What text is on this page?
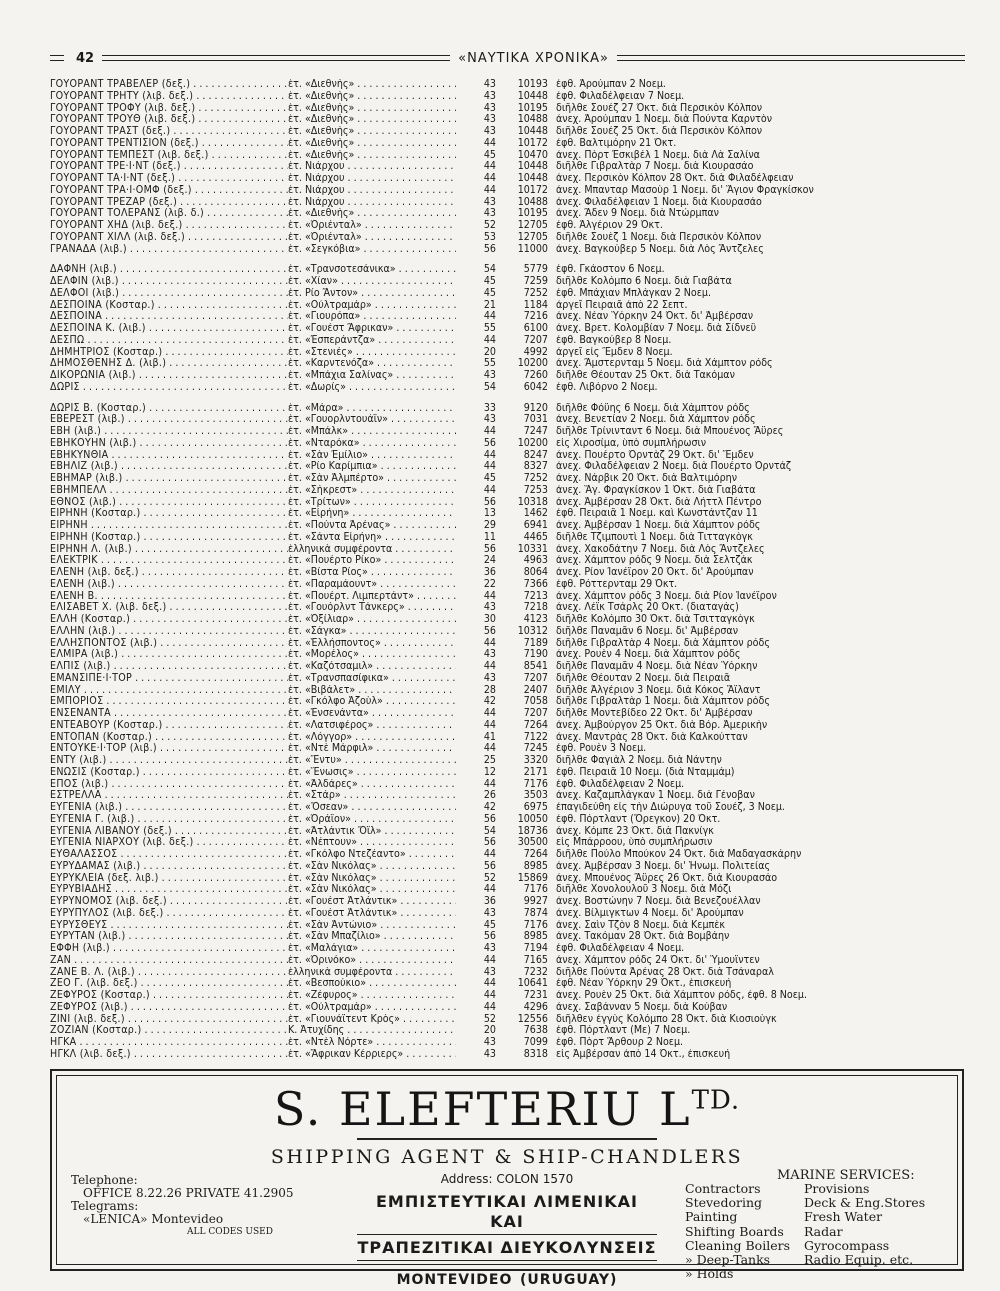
42	«ΝΑΥΤΙΚΑ ΧΡΟΝΙΚΑ»
ΓΟΥΟΡΑΝΤ ΤΡΑΒΕΛΕΡ (δεξ.) . . .	ἑτ. «Διεθνὴς» . . .	43	10193 ἐφθ. Ἀρούμπαν 2 Νοεμ.
ΓΟΥΟΡΑΝΤ ΤΡΗΤΥ (λιβ. δεξ.) . . .	ἑτ. «Διεθνὴς» . . .	43	10448 ἐφθ. Φιλαδέλφειαν 7 Νοεμ.
ΓΟΥΟΡΑΝΤ ΤΡΟΦΥ (λιβ. δεξ.) . . .	ἑτ. «Διεθνὴς» . . .	43	10195 διῆλθε Σουέζ 27 Ὀκτ. διὰ Περσικὸν Κόλπον
ΓΟΥΟΡΑΝΤ ΤΡΟΥΘ (λιβ. δεξ.) . . .	ἑτ. «Διεθνὴς» . . .	43	10488 ἀνεχ. Ἀρούμπαν 1 Νοεμ. διὰ Πούντα Καρντὸν
ΓΟΥΟΡΑΝΤ ΤΡΑΣΤ (δεξ.) . . .	ἑτ. «Διεθνὴς» . . .	43	10448 διῆλθε Σουέζ 25 Ὀκτ. διὰ Περσικὸν Κόλπον
ΓΟΥΟΡΑΝΤ ΤΡΕΝΤΙΣΙΟΝ (δεξ.) . . .	ἑτ. «Διεθνὴς» . . .	44	10172 ἐφθ. Βαλτιμόρην 21 Ὀκτ.
ΓΟΥΟΡΑΝΤ ΤΕΜΠΕΣΤ (λιβ. δεξ.) . . .	ἑτ. «Διεθνὴς» . . .	45	10470 ἀνεχ. Πὸρτ Ἐσκιβέλ 1 Νοεμ. διὰ Λὰ Σαλίνα
ΓΟΥΟΡΑΝΤ ΤΡΕ·Ι·ΝΤ (δεξ.) . . .	ἑτ. Νιάρχου . . .	44	10448 διῆλθε Γιβραλτὰρ 7 Νοεμ. διὰ Κιουρασάο
ΓΟΥΟΡΑΝΤ ΤΑ·Ι·ΝΤ (δεξ.) . . .	ἑτ. Νιάρχου . . .	44	10448 ἀνεχ. Περσικὸν Κόλπον 28 Ὀκτ. διὰ Φιλαδέλφειαν
ΓΟΥΟΡΑΝΤ ΤΡΑ·Ι·ΟΜΦ (δεξ.) . . .	ἑτ. Νιάρχου . . .	44	10172 ἀνεχ. Μπανταρ Μασοὺρ 1 Νοεμ. δι' Ἅγιον Φραγκίσκον
ΓΟΥΟΡΑΝΤ ΤΡΕΖΑΡ (δεξ.) . . .	ἑτ. Νιάρχου . . .	43	10488 ἀνεχ. Φιλαδέλφειαν 1 Νοεμ. διὰ Κιουρασάο
ΓΟΥΟΡΑΝΤ ΤΟΛΕΡΑΝΣ (λιβ. δ.) . . .	ἑτ. «Διεθνὴς» . . .	43	10195 ἀνεχ. Ἄδεν 9 Νοεμ. διὰ Ντώρμπαν
ΓΟΥΟΡΑΝΤ ΧΗΔ (λιβ. δεξ.) . . .	ἑτ. «Ὀριένταλ» . . .	52	12705 ἐφθ. Ἀλγέριον 29 Ὀκτ.
ΓΟΥΟΡΑΝΤ ΧΙΛΛ (λιβ. δεξ.) . . .	ἑτ. «Ὀριένταλ» . . .	53	12705 διῆλθε Σουὲζ 1 Νοεμ. διὰ Περσικὸν Κόλπον
ΓΡΑΝΑΔΑ (λιβ.) . . .	ἑτ. «Σεγκόβια» . . .	56	11000 ἀνεχ. Βαγκούβερ 5 Νοεμ. διὰ Λὸς Ἄντζελες
ΔΑΦΝΗ (λιβ.) . . .	ἑτ. «Τρανσοτεσάνικα» . . .	54	5779 ἐφθ. Γκάοστον 6 Νοεμ.
ΔΕΛΦΙΝ (λιβ.) . . .	ἑτ. «Χίαν» . . .	45	7259 διῆλθε Κολόμπο 6 Νοεμ. διὰ Γιαβάτα
ΔΕΛΦΟΙ (λιβ.) . . .	ἑτ. Ρίο Ἄντον» . . .	45	7252 ἐφθ. Μπάχιαν Μπλάγκαν 2 Νοεμ.
ΔΕΣΠΟΙΝΑ (Κοσταρ.) . . .	ἑτ. «Οὐλτραμάρ» . . .	21	1184 ἀργεῖ Πειραιᾶ ἀπὸ 22 Σεπτ.
ΔΕΣΠΟΙΝΑ . . .	ἑτ. «Γιουρόπα» . . .	44	7216 ἀνεχ. Νέαν Ὑόρκην 24 Ὀκτ. δι' Ἀμβέρσαν
ΔΕΣΠΟΙΝΑ Κ. (λιβ.) . . .	ἑτ. «Γουέστ Ἄφρικαν» . . .	55	6100 ἀνεχ. Βρετ. Κολομβίαν 7 Νοεμ. διὰ Σίδνεϋ
ΔΕΣΠΩ . . .	ἑτ. «Ἐσπεράντζα» . . .	44	7207 ἐφθ. Βαγκούβερ 8 Νοεμ.
ΔΗΜΗΤΡΙΟΣ (Κοσταρ.) . . .	ἑτ. «Στενιές» . . .	20	4992 ἀργεῖ εἰς Ἔμδεν 8 Νοεμ.
ΔΗΜΟΣΘΕΝΗΣ Δ. (λιβ.) . . .	ἑτ. «Καρντενόζα» . . .	55	10200 ἀνεχ. Ἄμστερνταμ 5 Νοεμ. διὰ Χάμπτον ρόδς
ΔΙΚΟΡΩΝΙΑ (λιβ.) . . .	ἑτ. «Μπάχια Σαλίνας» . . .	43	7260 διῆλθε Θέουταν 25 Ὀκτ. διὰ Τακόμαν
ΔΩΡΙΣ . . .	ἑτ. «Δωρίς» . . .	54	6042 ἐφθ. Λιβόρνο 2 Νοεμ.
ΔΩΡΙΣ Β. (Κοσταρ.) . . .	ἑτ. «Μάρα» . . .	33	9120 διῆλθε Φόϋης 6 Νοεμ. διὰ Χάμπτον ρόδς
ΕΒΕΡΕΣΤ (λιβ.) . . .	ἑτ. «Γουορλντουάϊν» . . .	43	7031 ἀνεχ. Βενετίαν 2 Νοεμ. διὰ Χάμπτον ρόδς
ΕΒΗ (λιβ.) . . .	ἑτ. «Μπάλκ» . . .	44	7247 διῆλθε Τρίνινταντ 6 Νοεμ. διὰ Μπουένος Ἄϋρες
ΕΒΗΚΟΥΗΝ (λιβ.) . . .	ἑτ. «Νταρόκα» . . .	56	10200 εἰς Χιροσίμα, ὑπὸ συμπλήρωσιν
ΕΒΗΚΥΝΘΙΑ . . .	ἑτ. «Σὰν Ἐμίλιο» . . .	44	8247 ἀνεχ. Πουέρτο Ὀρντὰζ 29 Ὀκτ. δι' Ἔμδεν
ΕΒΗΛΙΖ (λιβ.) . . .	ἑτ. «Ρίο Καρίμπια» . . .	44	8327 ἀνεχ. Φιλαδέλφειαν 2 Νοεμ. διὰ Πουέρτο Ὀρντάζ
ΕΒΗΜΑΡ (λιβ.) . . .	ἑτ. «Σὰν Ἀλμπέρτο» . . .	45	7252 ἀνεχ. Νάρβικ 20 Ὀκτ. διὰ Βαλτιμόρην
ΕΒΗΜΠΕΛΛ . . .	ἑτ. «Σὴκρεστ» . . .	44	7253 ἀνεχ. Ἅγ. Φραγκίσκον 1 Ὀκτ. διὰ Γιαβάτα
ΕΘΝΟΣ (λιβ.) . . .	ἑτ. «Τρίτων» . . .	56	10318 ἀνεχ. Ἀμβέρσαν 28 Ὀκτ. διὰ Λήττλ Πέντρο
ΕΙΡΗΝΗ (Κοσταρ.) . . .	ἑτ. «Εἰρήνη» . . .	13	1462 ἐφθ. Πειραιᾶ 1 Νοεμ. καὶ Κωνστάντζαν 11
ΕΙΡΗΝΗ . . .	ἑτ. «Πούντα Ἀρένας» . . .	29	6941 ἀνεχ. Ἀμβέρσαν 1 Νοεμ. διὰ Χάμπτον ρόδς
ΕΙΡΗΝΗ (Κοσταρ.) . . .	ἑτ. «Σάντα Εἰρήνη» . . .	11	4465 διῆλθε Τζιμπουτὶ 1 Νοεμ. διὰ Τιτταγκὸγκ
ΕΙΡΗΝΗ Λ. (λιβ.) . . .	ἑλληνικὰ συμφέροντα . . .	56	10331 ἀνεχ. Χακοδάτην 7 Νοεμ. διὰ Λὸς Ἄντζελες
ΕΛΕΚΤΡΙΚ . . .	ἑτ. «Πουέρτο Ρίκο» . . .	24	4963 ἀνεχ. Χάμπτον ρόδς 9 Νοεμ. διὰ Σελτζάκ
ΕΛΕΝΗ (λιβ. δεξ.) . . .	ἑτ. «Βίστα Ρίος» . . .	36	8064 ἀνεχ. Ρίον Ἰανέϊρον 20 Ὀκτ. δι' Ἀρούμπαν
ΕΛΕΝΗ (λιβ.) . . .	ἑτ. «Παραμάουντ» . . .	22	7366 ἐφθ. Ρόττερνταμ 29 Ὀκτ.
ΕΛΕΝΗ Β. . . .	ἑτ. «Πουέρτ. Λιμπερτάντ» . . .	44	7213 ἀνεχ. Χάμπτον ρόδς 3 Νοεμ. διὰ Ρίον Ἰανέϊρον
ΕΛΙΣΑΒΕΤ Χ. (λιβ. δεξ.) . . .	ἑτ. «Γουόρλντ Τάνκερς» . . .	43	7218 ἀνεχ. Λέϊκ Τσάρλς 20 Ὀκτ. (διαταγάς)
ΕΛΛΗ (Κοσταρ.) . . .	ἑτ. «Ὀξίλιαρ» . . .	30	4123 διῆλθε Κολόμπο 30 Ὀκτ. διὰ Τσιτταγκὸγκ
ΕΛΛΗΝ (λιβ.) . . .	ἑτ. «Σάγκα» . . .	56	10312 διῆλθε Παναμᾶν 6 Νοεμ. δι' Ἀμβέρσαν
ΕΛΛΗΣΠΟΝΤΟΣ (λιβ.) . . .	ἑτ. «Ἑλλήσποντος» . . .	44	7189 διῆλθε Γιβραλτὰρ 4 Νοεμ. διὰ Χάμπτον ρόδς
ΕΛΜΙΡΑ (λιβ.) . . .	ἑτ. «Μορέλος» . . .	43	7190 ἀνεχ. Ρουὲν 4 Νοεμ. διὰ Χάμπτον ρόδς
ΕΛΠΙΣ (λιβ.) . . .	ἑτ. «Καζότσαμιλ» . . .	44	8541 διῆλθε Παναμᾶν 4 Νοεμ. διὰ Νέαν Ὑόρκην
ΕΜΑΝΣΙΠΕ·Ι·ΤΟΡ . . .	ἑτ. «Τρανσπασίφικα» . . .	43	7207 διῆλθε Θέουταν 2 Νοεμ. διὰ Πειραιᾶ
ΕΜΙΛΥ . . .	ἑτ. «Βιβάλετ» . . .	28	2407 διῆλθε Ἀλγέριον 3 Νοεμ. διὰ Κόκος Ἄϊλαντ
ΕΜΠΟΡΙΟΣ . . .	ἑτ. «Γκόλφο Ἀζοὺλ» . . .	42	7058 διῆλθε Γιβραλτὰρ 1 Νοεμ. διὰ Χάμπτον ρόδς
ΕΝΣΕΝΑΝΤΑ . . .	ἑτ. «Ἐνσενάντα» . . .	44	7207 διῆλθε Μοντεβίδεο 22 Ὀκτ. δι' Ἀμβέρσαν
ΕΝΤΕΑΒΟΥΡ (Κοσταρ.) . . .	ἑτ. «Λατσιφέρος» . . .	44	7264 ἀνεχ. Ἀμβούργον 25 Ὀκτ. διὰ Βόρ. Ἀμερικὴν
ΕΝΤΟΠΑΝ (Κοσταρ.) . . .	ἑτ. «Λόγγορ» . . .	41	7122 ἀνεχ. Μαντρὰς 28 Ὀκτ. διὰ Καλκούτταν
ΕΝΤΟΥΚΕ·Ι·ΤΟΡ (λιβ.) . . .	ἑτ. «Ντὲ Μάρφιλ» . . .	44	7245 ἐφθ. Ρουὲν 3 Νοεμ.
ΕΝΤΥ (λιβ.) . . .	ἑτ. «Ἔντυ» . . .	25	3320 διῆλθε Φαγιὰλ 2 Νοεμ. διὰ Νάντην
ΕΝΩΣΙΣ (Κοσταρ.) . . .	ἑτ. «Ἕνωσις» . . .	12	2171 ἐφθ. Πειραιᾶ 10 Νοεμ. (διὰ Νταμμάμ)
ΕΠΟΣ (λιβ.) . . .	ἑτ. «Ἀλδάρες» . . .	44	7176 ἐφθ. Φιλαδέλφειαν 2 Νοεμ.
ΕΣΤΡΕΛΛΑ . . .	ἑτ. «Στάρ» . . .	26	3503 ἀνεχ. Καζαμπλάγκαν 1 Νοεμ. διὰ Γένοβαν
ΕΥΓΕΝΙΑ (λιβ.) . . .	ἑτ. «Ὄσεαν» . . .	42	6975 ἐπαγιδεύθη εἰς τὴν Διώρυγα τοῦ Σουέζ, 3 Νοεμ.
ΕΥΓΕΝΙΑ Γ. (λιβ.) . . .	ἑτ. «Ὀράϊον» . . .	56	10050 ἐφθ. Πόρτλαντ (Ὄρεγκον) 20 Ὀκτ.
ΕΥΓΕΝΙΑ ΛΙΒΑΝΟΥ (δεξ.) . . .	ἑτ. «Ἀτλάντικ Ὄϊλ» . . .	54	18736 ἀνεχ. Κόμπε 23 Ὀκτ. διὰ Πακνίγκ
ΕΥΓΕΝΙΑ ΝΙΑΡΧΟΥ (λιβ. δεξ.) . . .	ἑτ. «Νέπτουν» . . .	56	30500 εἰς Μπάρροου, ὑπὸ συμπλήρωσιν
ΕΥΘΑΛΑΣΣΟΣ . . .	ἑτ. «Γκόλφο Ντεζέαντο» . . .	44	7264 διῆλθε Πούλο Μπούκον 24 Ὀκτ. διὰ Μαδαγασκάρην
ΕΥΡΥΔΑΜΑΣ (λιβ.) . . .	ἑτ. «Σὰν Νικόλας» . . .	56	8985 ἀνεχ. Ἀμβέρσαν 3 Νοεμ. δι' Ἡνωμ. Πολιτείας
ΕΥΡΥΚΛΕΙΑ (δεξ. λιβ.) . . .	ἑτ. «Σὰν Νικόλας» . . .	52	15869 ἀνεχ. Μπουένος Ἄϋρες 26 Ὀκτ. διὰ Κιουρασάο
ΕΥΡΥΒΙΑΔΗΣ . . .	ἑτ. «Σὰν Νικόλας» . . .	44	7176 διῆλθε Χονολουλοῦ 3 Νοεμ. διὰ Μόζι
ΕΥΡΥΝΟΜΟΣ (λιβ. δεξ.) . . .	ἑτ. «Γουέστ Ἀτλάντικ» . . .	36	9927 ἀνεχ. Βοστώνην 7 Νοεμ. διὰ Βενεζουέλλαν
ΕΥΡΥΠΥΛΟΣ (λιβ. δεξ.) . . .	ἑτ. «Γουέστ Ἀτλάντικ» . . .	43	7874 ἀνεχ. Βίλμιγκτων 4 Νοεμ. δι' Ἀρούμπαν
ΕΥΡΥΣΘΕΥΣ . . .	ἑτ. «Σὰν Ἀντώνιο» . . .	45	7176 ἀνεχ. Σαὶν Τζὸν 8 Νοεμ. διὰ Κεμπὲκ
ΕΥΡΥΤΑΝ (λιβ.) . . .	ἑτ. «Σὰν Μπαζίλιο» . . .	56	8985 ἀνεχ. Τακόμαν 28 Ὀκτ. διὰ Βομβάην
ΕΦΦΗ (λιβ.) . . .	ἑτ. «Μαλάγια» . . .	43	7194 ἐφθ. Φιλαδέλφειαν 4 Νοεμ.
ΖΑΝ . . .	ἑτ. «Ὀρινόκο» . . .	44	7165 ἀνεχ. Χάμπτον ρόδς 24 Ὀκτ. δι' Ὑμουῒντεν
ΖΑΝΕ Β. Λ. (λιβ.) . . .	ἑλληνικὰ συμφέροντα . . .	43	7232 διῆλθε Πούντα Ἀρένας 28 Ὀκτ. διὰ Τσάναραλ
ΖΕΟ Γ. (λιβ. δεξ.) . . .	ἑτ. «Βεσπούκιο» . . .	44	10641 ἐφθ. Νέαν Ὑόρκην 29 Ὀκτ., ἐπισκευή
ΖΕΦΥΡΟΣ (Κοσταρ.) . . .	ἑτ. «Ζέφυρος» . . .	44	7231 ἀνεχ. Ρουὲν 25 Ὀκτ. διὰ Χάμπτον ρόδς, ἐφθ. 8 Νοεμ.
ΖΕΦΥΡΟΣ (λιβ.) . . .	ἑτ. «Οὐλτραμάρ» . . .	44	4296 ἀνεχ. Σαβάνναν 5 Νοεμ. διὰ Κούβαν
ΖΙΝΙ (λιβ. δεξ.) . . .	ἑτ. «Γιουνάϊτεντ Κρὸς» . . .	52	12556 διῆλθεν ἐγγὺς Κολόμπο 28 Ὀκτ. διὰ Κιοσιοὺγκ
ΖΟΖΙΑΝ (Κοσταρ.) . . .	Κ. Ἀτυχίδης . . .	20	7638 ἐφθ. Πόρτλαντ (Με) 7 Νοεμ.
ΗΓΚΑ . . .	ἑτ. «Ντὲλ Νόρτε» . . .	43	7099 ἐφθ. Πὸρτ Ἄρθουρ 2 Νοεμ.
ΗΓΚΛ (λιβ. δεξ.) . . .	ἑτ. «Ἄφρικαν Κέρριερς» . . .	43	8318 εἰς Ἀμβέρσαν ἀπὸ 14 Ὀκτ., ἐπισκευή
S. ELEFTERIU $L^{TD.}$
SHIPPING AGENT & SHIP-CHANDLERS
Address: COLON 1570
Telephone:
OFFICE 8.22.26 PRIVATE 41.2905
Telegrams:
«LENICA» Montevideo
ALL CODES USED
ΕΜΠΙΣΤΕΥΤΙΚΑΙ ΛΙΜΕΝΙΚΑΙ ΚΑΙ
ΤΡΑΠΕΖΙΤΙΚΑΙ ΔΙΕΥΚΟΛΥΝΣΕΙΣ
MONTEVIDEO (URUGUAY)
MARINE SERVICES:
Contractors
Stevedoring
Painting
Shifting Boards
Cleaning Boilers
» Deep-Tanks
» Holds
Provisions
Deck & Eng.Stores
Fresh Water
Radar
Gyrocompass
Radio Equip. etc.
